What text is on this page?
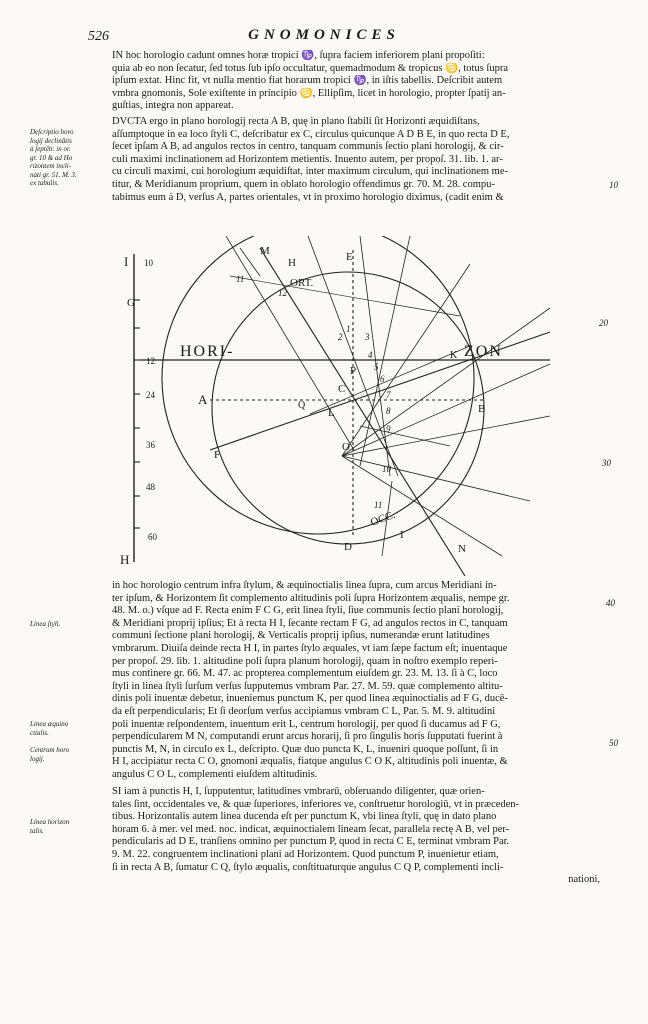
526	GNOMONICES
IN hoc horologio cadunt omnes horæ tropici ♑, ſupra faciem inferiorem plani propoſiti:
quia ab eo non ſecatur, ſed totus ſub ipſo occultatur, quemadmodum & tropicus ♋, totus ſupra
ipſum extat. Hinc fit, vt nulla mentio fiat horarum tropici ♑, in iſtis tabellis. Deſcribit autem
vmbra gnomonis, Sole exiſtente in principio ♋, Ellipſim, licet in horologio, propter ſpatij an-
guſtias, integra non appareat.
DVCTA ergo in plano horologij recta A B, quę in plano ſtabili ſit Horizonti æquidiſtans,
aſſumptoque in ea loco ſtyli C, deſcribatur ex C, circulus quicunque A D B E, in quo recta D E,
ſecet ipſam A B, ad angulos rectos in centro, tanquam communis ſectio plani horologij, & cir-
culi maximi inclinationem ad Horizontem metientis. Inuento autem, per propoſ. 31. lib. 1. ar-
cu circuli maximi, cui horologium æquidiſtat, inter maximum circulum, qui inclinationem me-
titur, & Meridianum proprium, quem in oblato horologio offendimus gr. 70. M. 28. compu-
tabimus eum à D, verſus A, partes orientales, vt in proximo horologio diximus, (cadit enim &
Deſcriptio horo
logij declinātis
à ſeptētr. in or.
gr. 10 & ad Ho
rizontem incli-
nati gr. 51. M. 3.
ex tabulis.	10
20
30
40
50
I 10
G
12
24
36
48
60
H
HORI-	ZON
A
B
C
D
E
F
K
L
M
N
O
P
Q
H
I
ORT.
OCC.
1
2	3
4
5
6
7
8
9
10
11
12
11
in hoc horologio centrum infra ſtylum, & æquinoctialis linea ſupra, cum arcus Meridiani in-
ter ipſum, & Horizontem ſit complemento altitudinis poli ſupra Horizontem æqualis, nempe gr.
48. M. o.) vſque ad F. Recta enim F C G, erit linea ſtyli, ſiue communis ſectio plani horologij,
& Meridiani proprij ipſius; Et à recta H I, ſecante rectam F G, ad angulos rectos in C, tanquam
communi ſectione plani horologij, & Verticalis proprij ipſius, numerandæ erunt latitudines
vmbrarum. Diuiſa deinde recta H I, in partes ſtylo æquales, vt iam ſæpe factum eſt; inuentaque
per propoſ. 29. lib. 1. altitudine poli ſupra planum horologij, quam in noſtro exemplo reperi-
mus continere gr. 66. M. 47. ac propterea complementum eiuſdem gr. 23. M. 13. ſi à C, loco
ſtyli in linea ſtyli ſurſum verſus ſupputemus vmbram Par. 27. M. 59. quæ complemento altitu-
dinis poli inuentæ debetur, inueniemus punctum K, per quod linea æquinoctialis ad F G, ducē-
da eſt perpendicularis; Et ſi deorſum verſus accipiamus vmbram C L, Par. 5. M. 9. altitudini
poli inuentæ reſpondentem, inuentum erit L, centrum horologij, per quod ſi ducamus ad F G,
perpendicularem M N, computandi erunt arcus horarij, ſi pro ſingulis horis ſupputati fuerint à
punctis M, N, in circulo ex L, deſcripto. Quæ duo puncta K, L, inueniri quoque poſſunt, ſi in
H I, accipiatur recta C O, gnomoni æqualis, fiatque angulus C O K, altitudinis poli inuentæ, &
angulus C O L, complementi eiuſdem altitudinis.
Linea ſtyli.
Linea æquino
ctialis.
Centrum horo
logij.
SI iam à punctis H, I, ſupputentur, latitudines vmbrarū, obſeruando diligenter, quæ orien-
tales ſint, occidentales ve, & quæ ſuperiores, inferiores ve, conſtruetur horologiū, vt in præceden-
tibus. Horizontalis autem linea ducenda eſt per punctum K, vbi linea ſtyli, quę in dato plano
horam 6. à mer. vel med. noc. indicat, æquinoctialem lineam ſecat, parallela rectę A B, vel per-
pendicularis ad D E, tranſiens omnino per punctum P, quod in recta C E, terminat vmbram Par.
9. M. 22. congruentem inclinationi plani ad Horizontem. Quod punctum P, inuenietur etiam,
ſi in recta A B, ſumatur C Q, ſtylo æqualis, conſtituaturque angulus C Q P, complementi incli-
nationi,
Linea horizon
talis.
